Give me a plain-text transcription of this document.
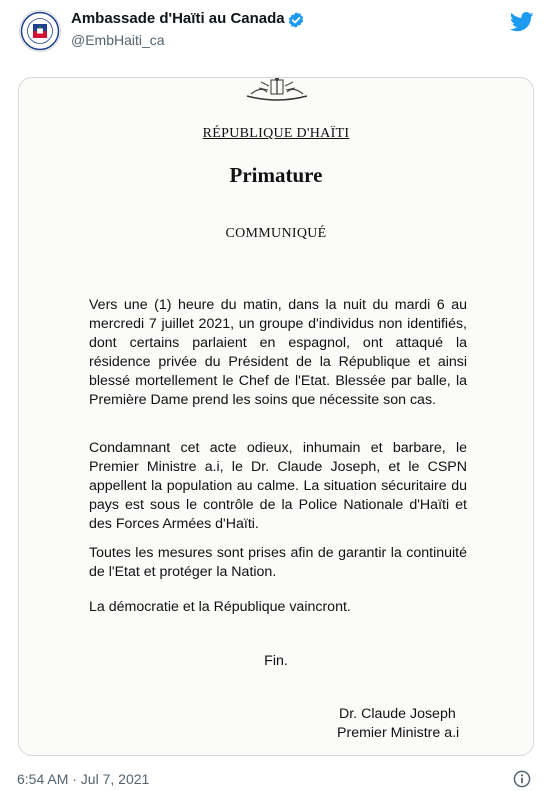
Ambassade d'Haïti au Canada
@EmbHaiti_ca
RÉPUBLIQUE D'HAÏTI
Primature
COMMUNIQUÉ
Vers une (1) heure du matin, dans la nuit du mardi 6 au mercredi 7 juillet 2021, un groupe d'individus non identifiés, dont certains parlaient en espagnol, ont attaqué la résidence privée du Président de la République et ainsi blessé mortellement le Chef de l'Etat. Blessée par balle, la Première Dame prend les soins que nécessite son cas.
Condamnant cet acte odieux, inhumain et barbare, le Premier Ministre a.i, le Dr. Claude Joseph, et le CSPN appellent la population au calme. La situation sécuritaire du pays est sous le contrôle de la Police Nationale d'Haïti et des Forces Armées d'Haïti.
Toutes les mesures sont prises afin de garantir la continuité de l'Etat et protéger la Nation.
La démocratie et la République vaincront.
Fin.
Dr. Claude Joseph
Premier Ministre a.i
6:54 AM · Jul 7, 2021
